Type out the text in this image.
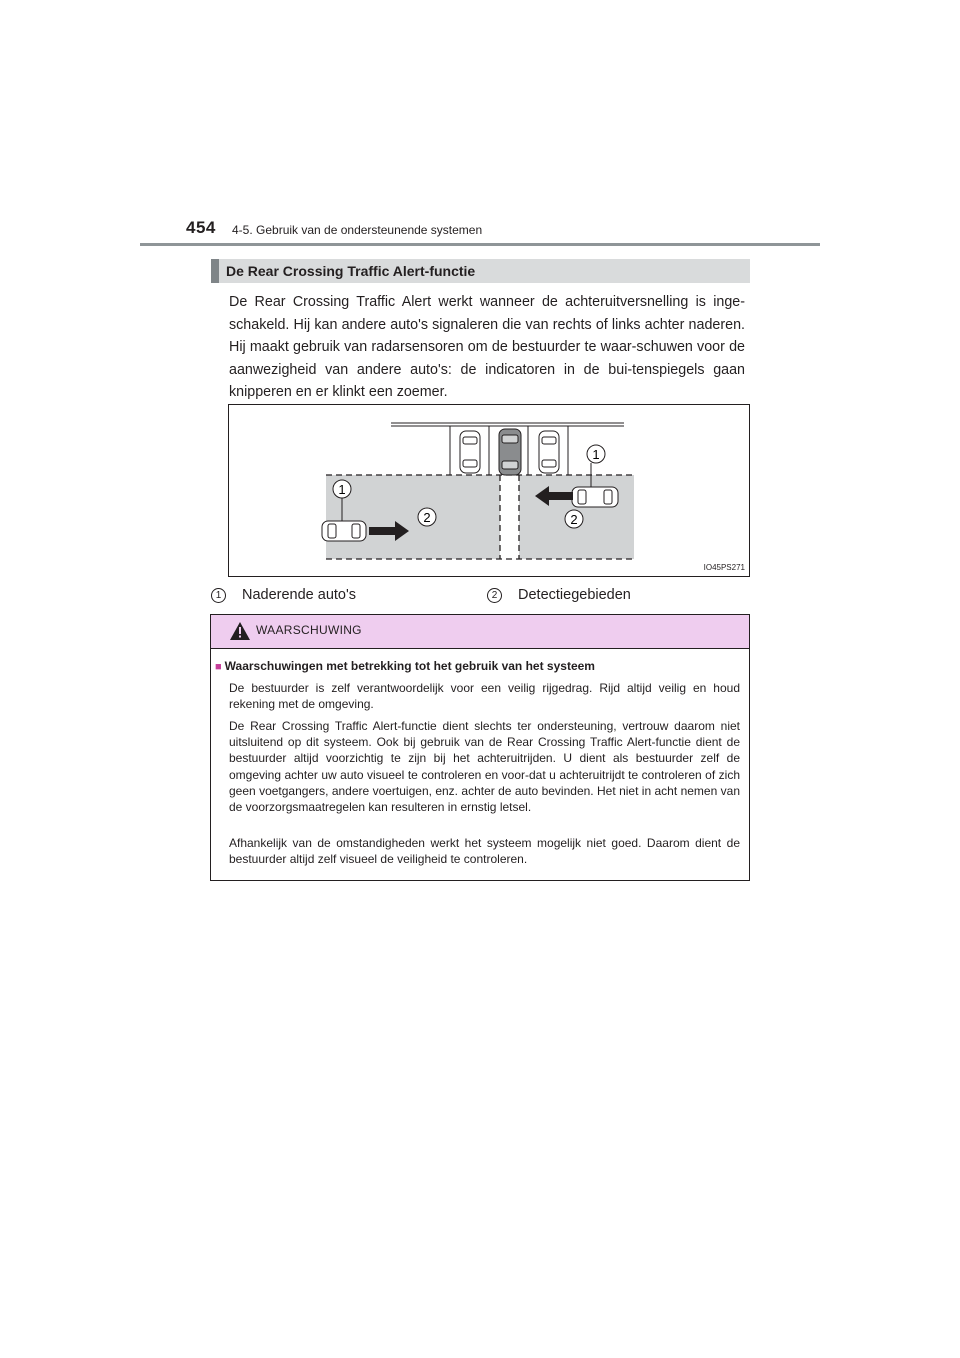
454 4-5. Gebruik van de ondersteunende systemen
De Rear Crossing Traffic Alert-functie
De Rear Crossing Traffic Alert werkt wanneer de achteruitversnelling is inge-schakeld. Hij kan andere auto's signaleren die van rechts of links achter naderen. Hij maakt gebruik van radarsensoren om de bestuurder te waar-schuwen voor de aanwezigheid van andere auto's: de indicatoren in de bui-tenspiegels gaan knipperen en er klinkt een zoemer.
1
1
2	2
IO45PS271
1	Naderende auto's	2	Detectiegebieden
WAARSCHUWING
■ Waarschuwingen met betrekking tot het gebruik van het systeem
De bestuurder is zelf verantwoordelijk voor een veilig rijgedrag. Rijd altijd veilig en houd rekening met de omgeving.
De Rear Crossing Traffic Alert-functie dient slechts ter ondersteuning, vertrouw daarom niet uitsluitend op dit systeem. Ook bij gebruik van de Rear Crossing Traffic Alert-functie dient de bestuurder altijd voorzichtig te zijn bij het achteruitrijden. U dient als bestuurder zelf de omgeving achter uw auto visueel te controleren en voor-dat u achteruitrijdt te controleren of zich geen voetgangers, andere voertuigen, enz. achter de auto bevinden. Het niet in acht nemen van de voorzorgsmaatregelen kan resulteren in ernstig letsel.
Afhankelijk van de omstandigheden werkt het systeem mogelijk niet goed. Daarom dient de bestuurder altijd zelf visueel de veiligheid te controleren.
